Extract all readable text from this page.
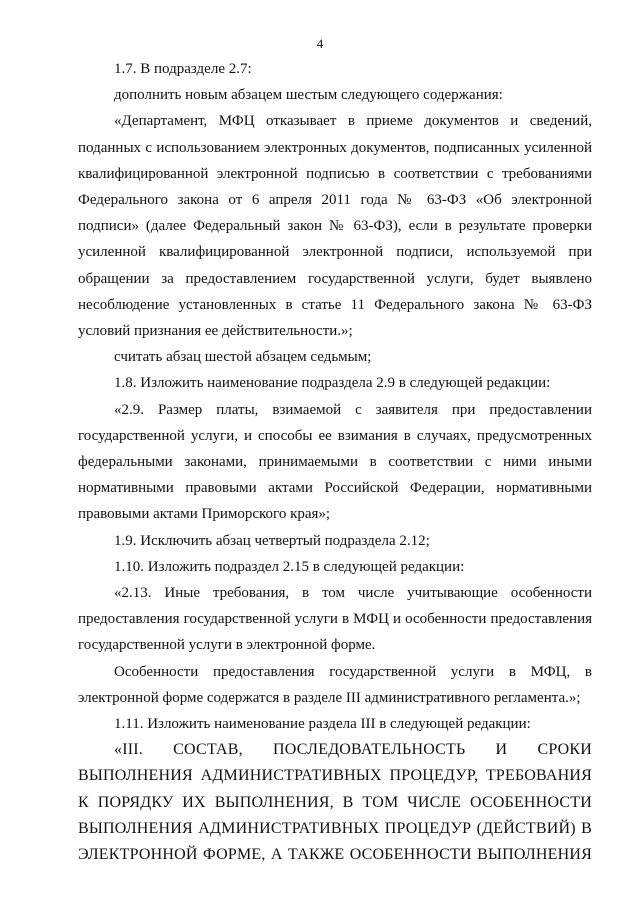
4

1.7. В подразделе 2.7:

дополнить новым абзацем шестым следующего содержания:

«Департамент, МФЦ отказывает в приеме документов и сведений, поданных с использованием электронных документов, подписанных усиленной квалифицированной электронной подписью в соответствии с требованиями Федерального закона от 6 апреля 2011 года № 63-ФЗ «Об электронной подписи» (далее Федеральный закон № 63-ФЗ), если в результате проверки усиленной квалифицированной электронной подписи, используемой при обращении за предоставлением государственной услуги, будет выявлено несоблюдение установленных в статье 11 Федерального закона № 63-ФЗ условий признания ее действительности.»;

считать абзац шестой абзацем седьмым;

1.8. Изложить наименование подраздела 2.9 в следующей редакции:

«2.9. Размер платы, взимаемой с заявителя при предоставлении государственной услуги, и способы ее взимания в случаях, предусмотренных федеральными законами, принимаемыми в соответствии с ними иными нормативными правовыми актами Российской Федерации, нормативными правовыми актами Приморского края»;

1.9. Исключить абзац четвертый подраздела 2.12;

1.10. Изложить подраздел 2.15 в следующей редакции:

«2.13. Иные требования, в том числе учитывающие особенности предоставления государственной услуги в МФЦ и особенности предоставления государственной услуги в электронной форме.

Особенности предоставления государственной услуги в МФЦ, в электронной форме содержатся в разделе III административного регламента.»;

1.11. Изложить наименование раздела III в следующей редакции:

«III. СОСТАВ, ПОСЛЕДОВАТЕЛЬНОСТЬ И СРОКИ ВЫПОЛНЕНИЯ АДМИНИСТРАТИВНЫХ ПРОЦЕДУР, ТРЕБОВАНИЯ К ПОРЯДКУ ИХ ВЫПОЛНЕНИЯ, В ТОМ ЧИСЛЕ ОСОБЕННОСТИ ВЫПОЛНЕНИЯ АДМИНИСТРАТИВНЫХ ПРОЦЕДУР (ДЕЙСТВИЙ) В ЭЛЕКТРОННОЙ ФОРМЕ, А ТАКЖЕ ОСОБЕННОСТИ ВЫПОЛНЕНИЯ
